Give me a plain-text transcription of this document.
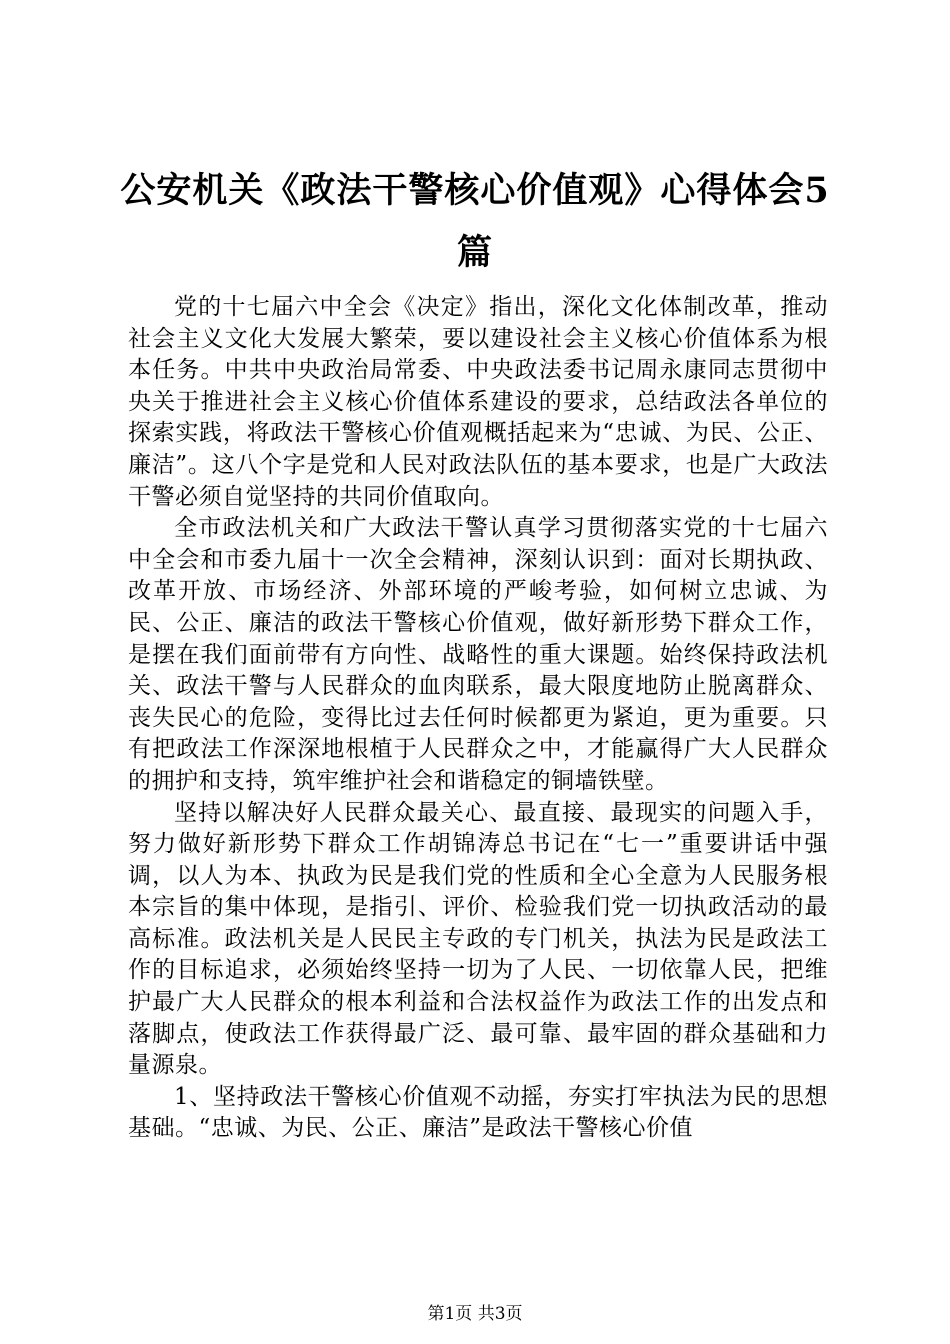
公安机关《政法干警核心价值观》心得体会5篇

党的十七届六中全会《决定》指出，深化文化体制改革，推动社会主义文化大发展大繁荣，要以建设社会主义核心价值体系为根本任务。中共中央政治局常委、中央政法委书记周永康同志贯彻中央关于推进社会主义核心价值体系建设的要求，总结政法各单位的探索实践，将政法干警核心价值观概括起来为“忠诚、为民、公正、廉洁”。这八个字是党和人民对政法队伍的基本要求，也是广大政法干警必须自觉坚持的共同价值取向。

全市政法机关和广大政法干警认真学习贯彻落实党的十七届六中全会和市委九届十一次全会精神，深刻认识到：面对长期执政、改革开放、市场经济、外部环境的严峻考验，如何树立忠诚、为民、公正、廉洁的政法干警核心价值观，做好新形势下群众工作，是摆在我们面前带有方向性、战略性的重大课题。始终保持政法机关、政法干警与人民群众的血肉联系，最大限度地防止脱离群众、丧失民心的危险，变得比过去任何时候都更为紧迫，更为重要。只有把政法工作深深地根植于人民群众之中，才能赢得广大人民群众的拥护和支持，筑牢维护社会和谐稳定的铜墙铁壁。

坚持以解决好人民群众最关心、最直接、最现实的问题入手，努力做好新形势下群众工作胡锦涛总书记在“七一”重要讲话中强调，以人为本、执政为民是我们党的性质和全心全意为人民服务根本宗旨的集中体现，是指引、评价、检验我们党一切执政活动的最高标准。政法机关是人民民主专政的专门机关，执法为民是政法工作的目标追求，必须始终坚持一切为了人民、一切依靠人民，把维护最广大人民群众的根本利益和合法权益作为政法工作的出发点和落脚点，使政法工作获得最广泛、最可靠、最牢固的群众基础和力量源泉。

1、坚持政法干警核心价值观不动摇，夯实打牢执法为民的思想基础。“忠诚、为民、公正、廉洁”是政法干警核心价值

第1页 共3页
